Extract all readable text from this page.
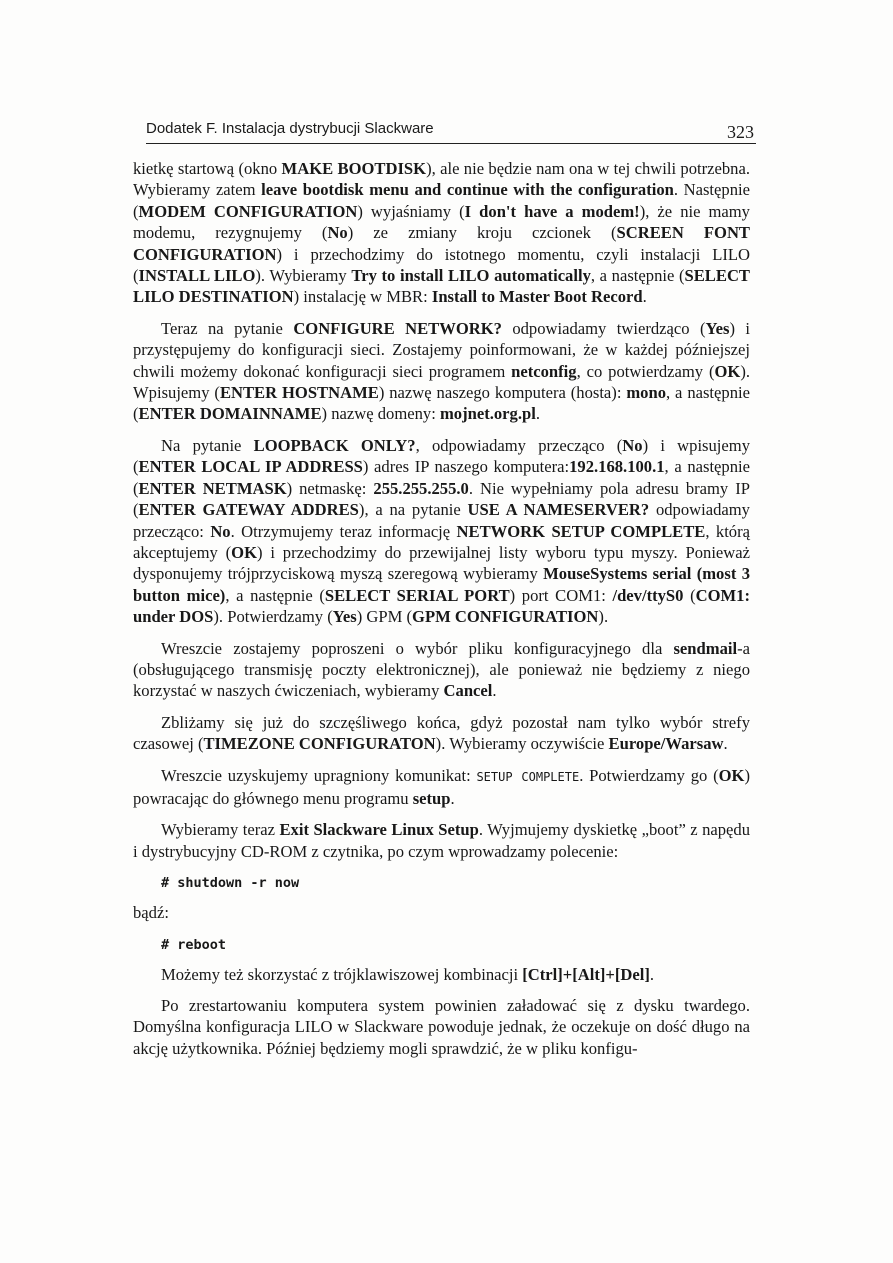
Dodatek F. Instalacja dystrybucji Slackware	323

kietkę startową (okno MAKE BOOTDISK), ale nie będzie nam ona w tej chwili potrzebna. Wybieramy zatem leave bootdisk menu and continue with the configuration. Następnie (MODEM CONFIGURATION) wyjaśniamy (I don't have a modem!), że nie mamy modemu, rezygnujemy (No) ze zmiany kroju czcionek (SCREEN FONT CONFIGURATION) i przechodzimy do istotnego momentu, czyli instalacji LILO (INSTALL LILO). Wybieramy Try to install LILO automatically, a następnie (SELECT LILO DESTINATION) instalację w MBR: Install to Master Boot Record.

Teraz na pytanie CONFIGURE NETWORK? odpowiadamy twierdząco (Yes) i przystępujemy do konfiguracji sieci. Zostajemy poinformowani, że w każdej późniejszej chwili możemy dokonać konfiguracji sieci programem netconfig, co potwierdzamy (OK). Wpisujemy (ENTER HOSTNAME) nazwę naszego komputera (hosta): mono, a następnie (ENTER DOMAINNAME) nazwę domeny: mojnet.org.pl.

Na pytanie LOOPBACK ONLY?, odpowiadamy przecząco (No) i wpisujemy (ENTER LOCAL IP ADDRESS) adres IP naszego komputera:192.168.100.1, a następnie (ENTER NETMASK) netmaskę: 255.255.255.0. Nie wypełniamy pola adresu bramy IP (ENTER GATEWAY ADDRES), a na pytanie USE A NAMESERVER? odpowiadamy przecząco: No. Otrzymujemy teraz informację NETWORK SETUP COMPLETE, którą akceptujemy (OK) i przechodzimy do przewijalnej listy wyboru typu myszy. Ponieważ dysponujemy trójprzyciskową myszą szeregową wybieramy MouseSystems serial (most 3 button mice), a następnie (SELECT SERIAL PORT) port COM1: /dev/ttyS0 (COM1: under DOS). Potwierdzamy (Yes) GPM (GPM CONFIGURATION).

Wreszcie zostajemy poproszeni o wybór pliku konfiguracyjnego dla sendmail-a (obsługującego transmisję poczty elektronicznej), ale ponieważ nie będziemy z niego korzystać w naszych ćwiczeniach, wybieramy Cancel.

Zbliżamy się już do szczęśliwego końca, gdyż pozostał nam tylko wybór strefy czasowej (TIMEZONE CONFIGURATON). Wybieramy oczywiście Europe/Warsaw.

Wreszcie uzyskujemy upragniony komunikat: SETUP COMPLETE. Potwierdzamy go (OK) powracając do głównego menu programu setup.

Wybieramy teraz Exit Slackware Linux Setup. Wyjmujemy dyskietkę „boot” z napędu i dystrybucyjny CD-ROM z czytnika, po czym wprowadzamy polecenie:

# shutdown -r now
bądź:
# reboot

Możemy też skorzystać z trójklawiszowej kombinacji [Ctrl]+[Alt]+[Del].

Po zrestartowaniu komputera system powinien załadować się z dysku twardego. Domyślna konfiguracja LILO w Slackware powoduje jednak, że oczekuje on dość długo na akcję użytkownika. Później będziemy mogli sprawdzić, że w pliku konfigu-
